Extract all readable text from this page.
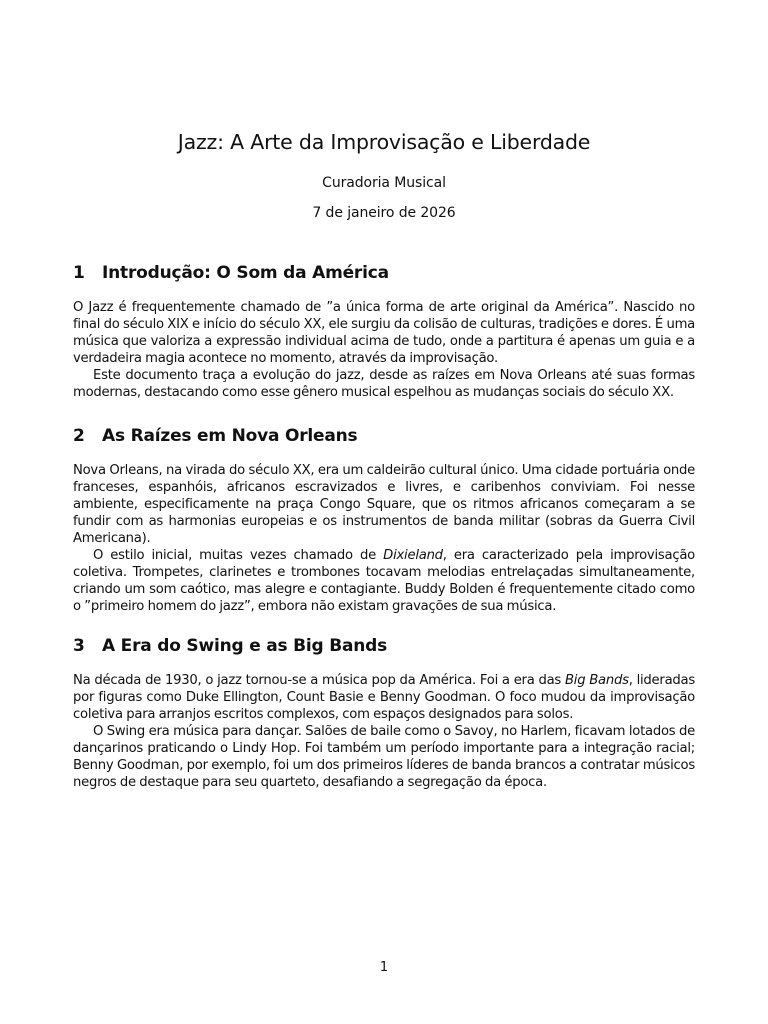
Jazz: A Arte da Improvisação e Liberdade
Curadoria Musical
7 de janeiro de 2026
1 Introdução: O Som da América

O Jazz é frequentemente chamado de ”a única forma de arte original da América”. Nascido no final do século XIX e início do século XX, ele surgiu da colisão de culturas, tradições e dores. É uma música que valoriza a expressão individual acima de tudo, onde a partitura é apenas um guia e a verdadeira magia acontece no momento, através da improvisação.

Este documento traça a evolução do jazz, desde as raízes em Nova Orleans até suas formas modernas, destacando como esse gênero musical espelhou as mudanças sociais do século XX.

2 As Raízes em Nova Orleans

Nova Orleans, na virada do século XX, era um caldeirão cultural único. Uma cidade portuária onde franceses, espanhóis, africanos escravizados e livres, e caribenhos conviviam. Foi nesse ambiente, especificamente na praça Congo Square, que os ritmos africanos começaram a se fundir com as harmonias europeias e os instrumentos de banda militar (sobras da Guerra Civil Americana).

O estilo inicial, muitas vezes chamado de Dixieland, era caracterizado pela improvisação coletiva. Trompetes, clarinetes e trombones tocavam melodias entrelaçadas simultaneamente, criando um som caótico, mas alegre e contagiante. Buddy Bolden é frequentemente citado como o ”primeiro homem do jazz”, embora não existam gravações de sua música.

3 A Era do Swing e as Big Bands

Na década de 1930, o jazz tornou-se a música pop da América. Foi a era das Big Bands, lideradas por figuras como Duke Ellington, Count Basie e Benny Goodman. O foco mudou da improvisação coletiva para arranjos escritos complexos, com espaços designados para solos.

O Swing era música para dançar. Salões de baile como o Savoy, no Harlem, ficavam lotados de dançarinos praticando o Lindy Hop. Foi também um período importante para a integração racial; Benny Goodman, por exemplo, foi um dos primeiros líderes de banda brancos a contratar músicos negros de destaque para seu quarteto, desafiando a segregação da época.

1
